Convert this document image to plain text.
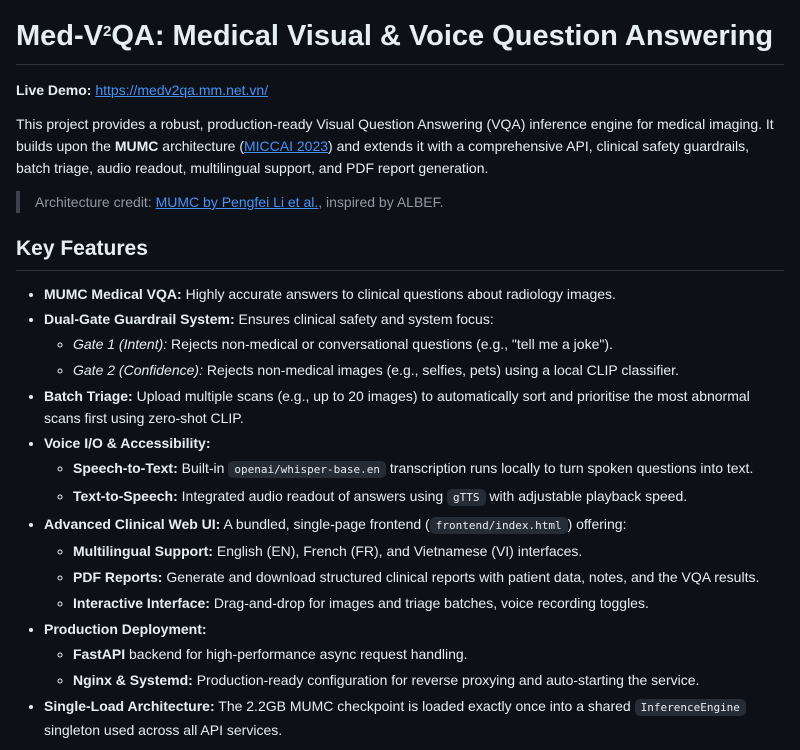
Med-$V^2QA$: Medical Visual & Voice Question Answering
Live Demo: https://medv2qa.mm.net.vn/

This project provides a robust, production-ready Visual Question Answering (VQA) inference engine for medical imaging. It builds upon the MUMC architecture (MICCAI 2023) and extends it with a comprehensive API, clinical safety guardrails, batch triage, audio readout, multilingual support, and PDF report generation.

Architecture credit: MUMC by Pengfei Li et al., inspired by ALBEF.
Key Features
• MUMC Medical VQA: Highly accurate answers to clinical questions about radiology images.
• Dual-Gate Guardrail System: Ensures clinical safety and system focus:
◦ Gate 1 (Intent): Rejects non-medical or conversational questions (e.g., "tell me a joke").
◦ Gate 2 (Confidence): Rejects non-medical images (e.g., selfies, pets) using a local CLIP classifier.
• Batch Triage: Upload multiple scans (e.g., up to 20 images) to automatically sort and prioritise the most abnormal scans first using zero-shot CLIP.
• Voice I/O & Accessibility:
◦ Speech-to-Text: Built-in openai/whisper-base.en transcription runs locally to turn spoken questions into text.
◦ Text-to-Speech: Integrated audio readout of answers using gTTS with adjustable playback speed.
• Advanced Clinical Web UI: A bundled, single-page frontend ( frontend/index.html ) offering:
◦ Multilingual Support: English (EN), French (FR), and Vietnamese (VI) interfaces.
◦ PDF Reports: Generate and download structured clinical reports with patient data, notes, and the VQA results.
◦ Interactive Interface: Drag-and-drop for images and triage batches, voice recording toggles.
• Production Deployment:
◦ FastAPI backend for high-performance async request handling.
◦ Nginx & Systemd: Production-ready configuration for reverse proxying and auto-starting the service.
• Single-Load Architecture: The 2.2GB MUMC checkpoint is loaded exactly once into a shared InferenceEngine singleton used across all API services.
